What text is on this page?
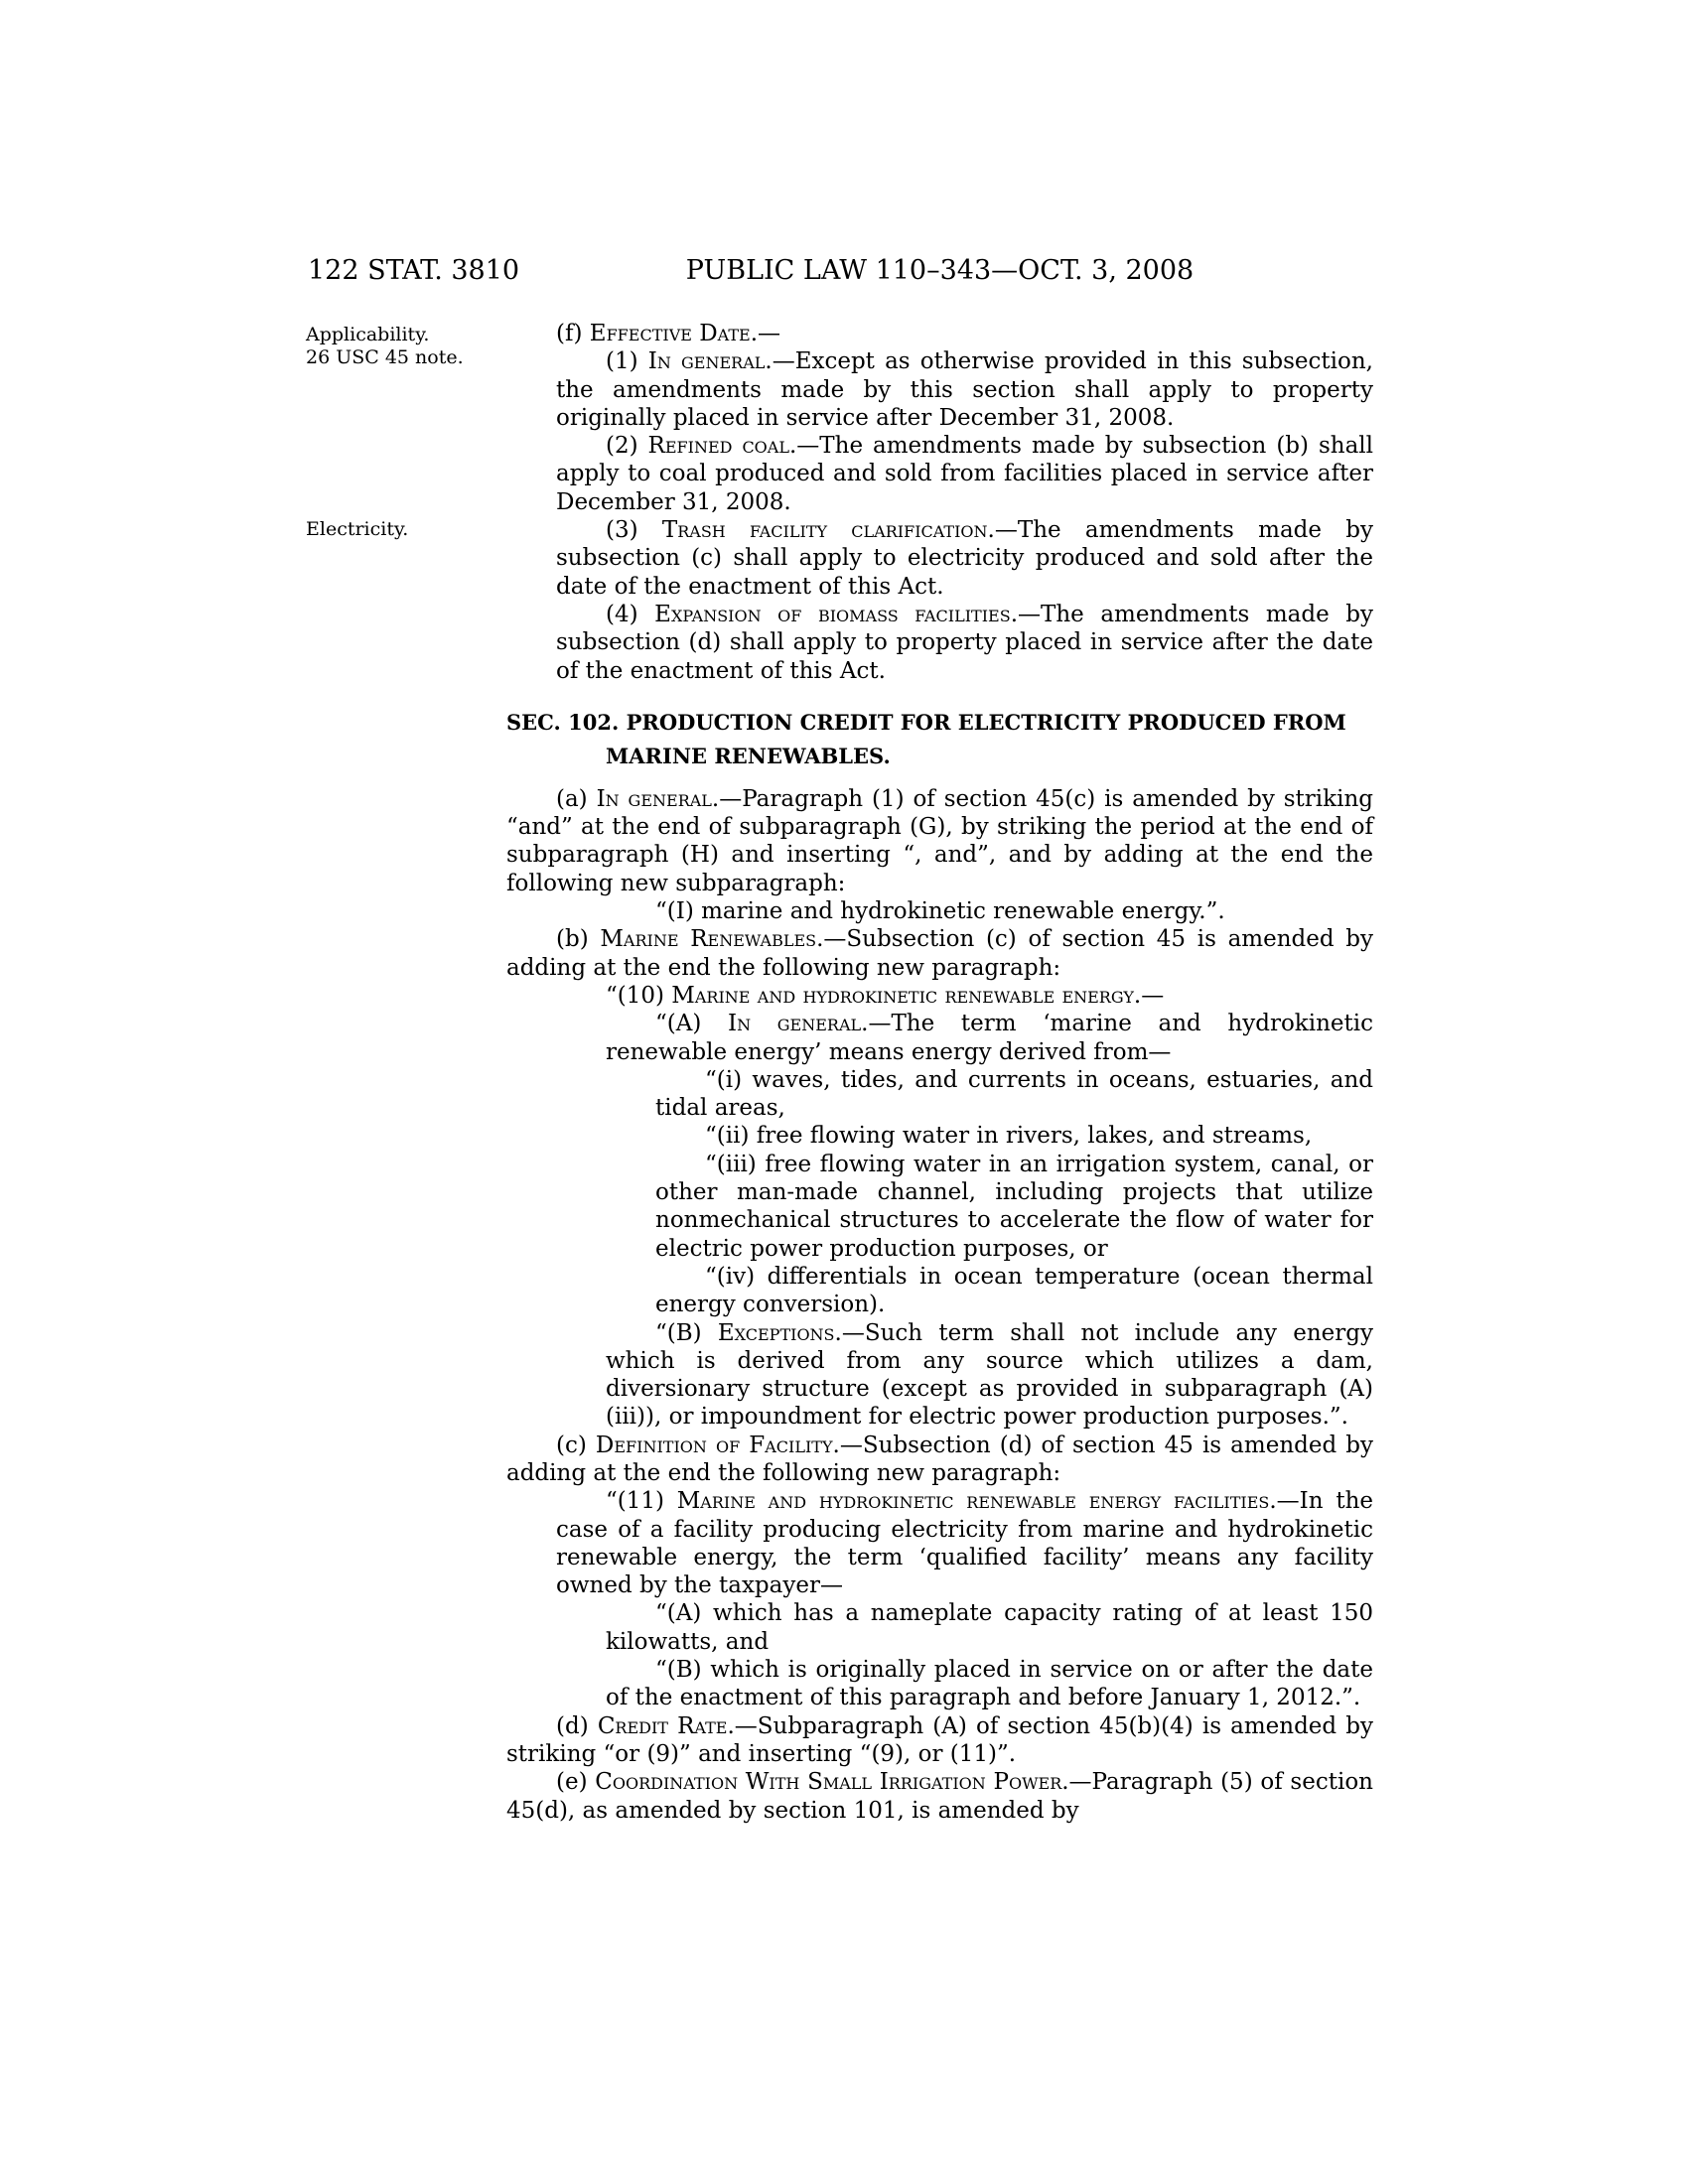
122 STAT. 3810	PUBLIC LAW 110–343—OCT. 3, 2008
Applicability.
26 USC 45 note.
Electricity.

(f) Effective Date.—

(1) In general.—Except as otherwise provided in this subsection, the amendments made by this section shall apply to property originally placed in service after December 31, 2008.

(2) Refined coal.—The amendments made by subsection (b) shall apply to coal produced and sold from facilities placed in service after December 31, 2008.

(3) Trash facility clarification.—The amendments made by subsection (c) shall apply to electricity produced and sold after the date of the enactment of this Act.

(4) Expansion of biomass facilities.—The amendments made by subsection (d) shall apply to property placed in service after the date of the enactment of this Act.

SEC. 102. PRODUCTION CREDIT FOR ELECTRICITY PRODUCED FROM MARINE RENEWABLES.

(a) In general.—Paragraph (1) of section 45(c) is amended by striking “and” at the end of subparagraph (G), by striking the period at the end of subparagraph (H) and inserting “, and”, and by adding at the end the following new subparagraph:

“(I) marine and hydrokinetic renewable energy.”.

(b) Marine Renewables.—Subsection (c) of section 45 is amended by adding at the end the following new paragraph:

“(10) Marine and hydrokinetic renewable energy.—

“(A) In general.—The term ‘marine and hydrokinetic renewable energy’ means energy derived from—

“(i) waves, tides, and currents in oceans, estuaries, and tidal areas,

“(ii) free flowing water in rivers, lakes, and streams,

“(iii) free flowing water in an irrigation system, canal, or other man-made channel, including projects that utilize nonmechanical structures to accelerate the flow of water for electric power production purposes, or

“(iv) differentials in ocean temperature (ocean thermal energy conversion).

“(B) Exceptions.—Such term shall not include any energy which is derived from any source which utilizes a dam, diversionary structure (except as provided in subparagraph (A)(iii)), or impoundment for electric power production purposes.”.

(c) Definition of Facility.—Subsection (d) of section 45 is amended by adding at the end the following new paragraph:

“(11) Marine and hydrokinetic renewable energy facilities.—In the case of a facility producing electricity from marine and hydrokinetic renewable energy, the term ‘qualified facility’ means any facility owned by the taxpayer—

“(A) which has a nameplate capacity rating of at least 150 kilowatts, and

“(B) which is originally placed in service on or after the date of the enactment of this paragraph and before January 1, 2012.”.

(d) Credit Rate.—Subparagraph (A) of section 45(b)(4) is amended by striking “or (9)” and inserting “(9), or (11)”.

(e) Coordination With Small Irrigation Power.—Paragraph (5) of section 45(d), as amended by section 101, is amended by
